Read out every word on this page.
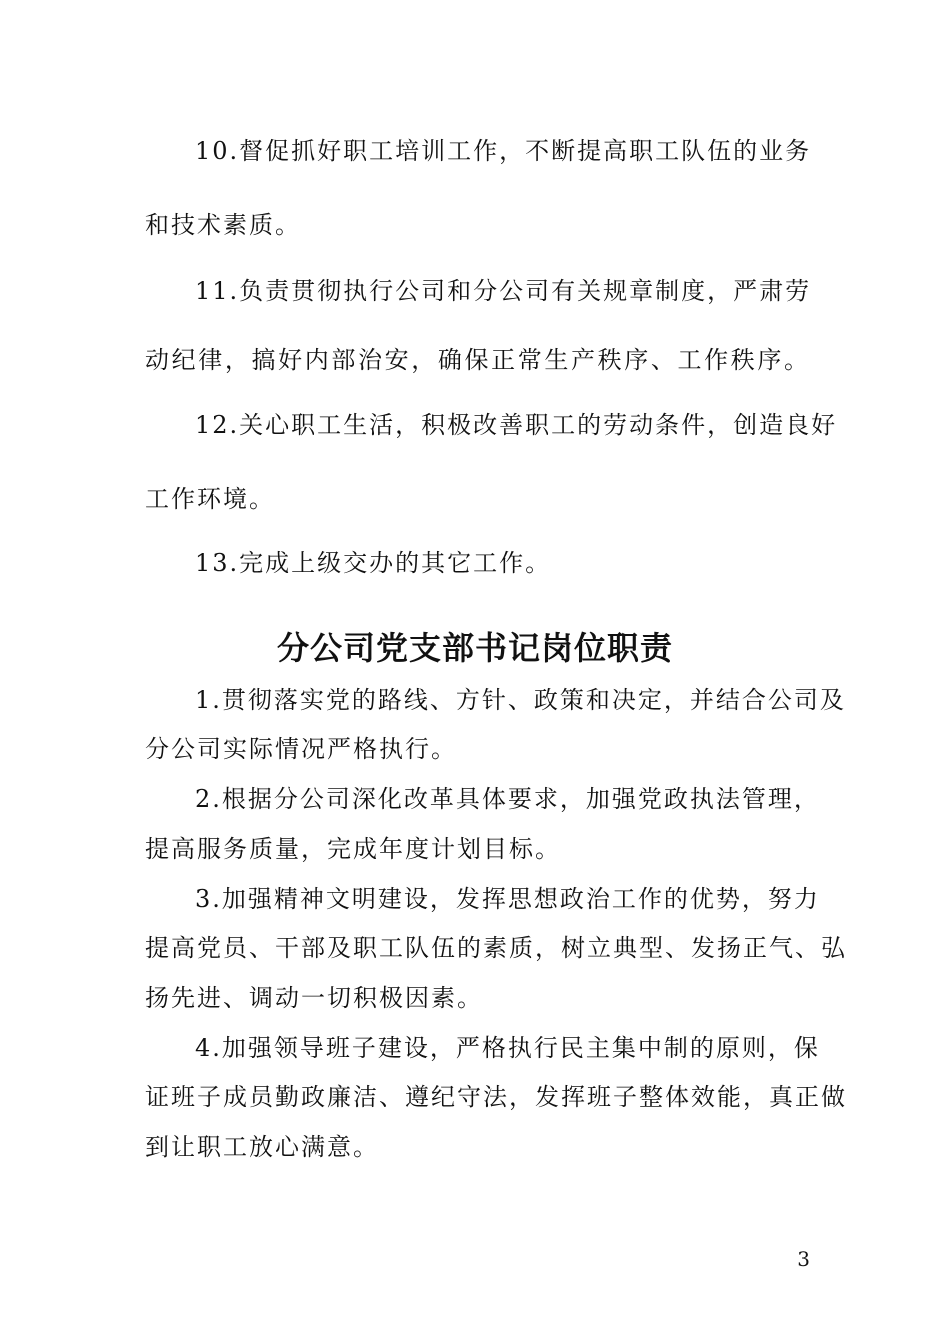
10.督促抓好职工培训工作，不断提高职工队伍的业务
和技术素质。
11.负责贯彻执行公司和分公司有关规章制度，严肃劳
动纪律，搞好内部治安，确保正常生产秩序、工作秩序。
12.关心职工生活，积极改善职工的劳动条件，创造良好
工作环境。
13.完成上级交办的其它工作。
分公司党支部书记岗位职责
1.贯彻落实党的路线、方针、政策和决定，并结合公司及
分公司实际情况严格执行。
2.根据分公司深化改革具体要求，加强党政执法管理，
提高服务质量，完成年度计划目标。
3.加强精神文明建设，发挥思想政治工作的优势，努力
提高党员、干部及职工队伍的素质，树立典型、发扬正气、弘
扬先进、调动一切积极因素。
4.加强领导班子建设，严格执行民主集中制的原则，保
证班子成员勤政廉洁、遵纪守法，发挥班子整体效能，真正做
到让职工放心满意。
3
